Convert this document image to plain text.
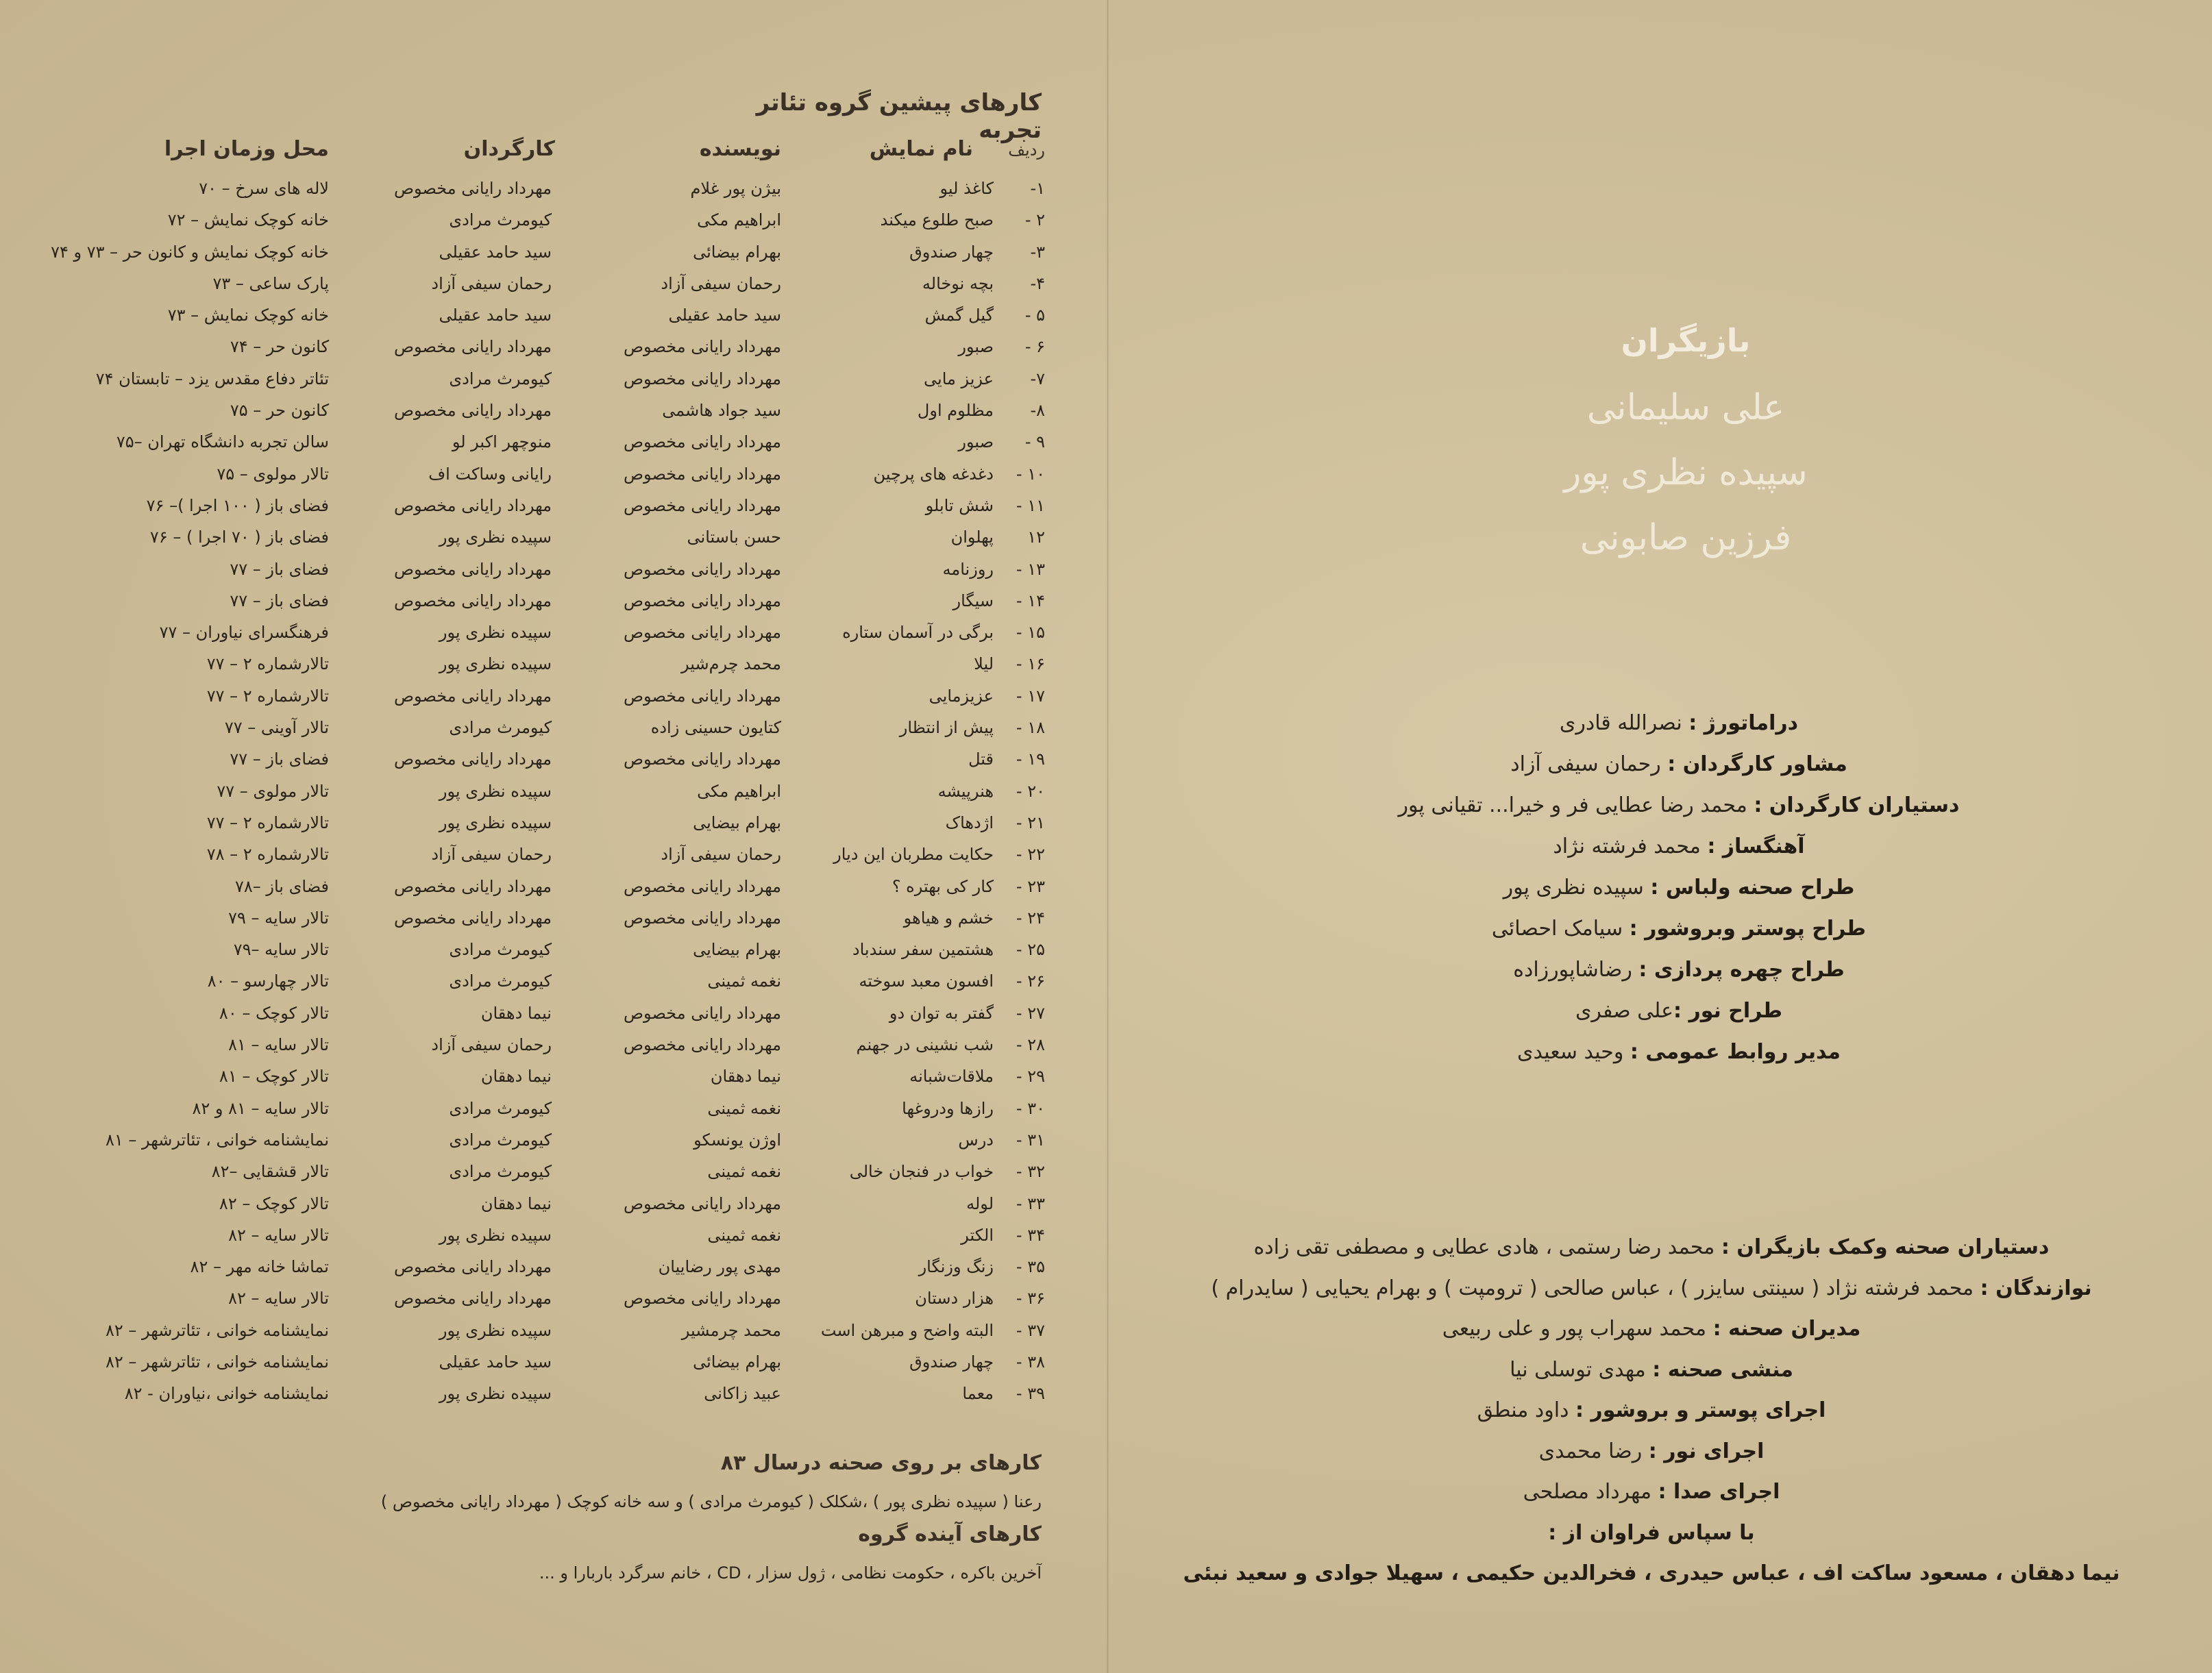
کارهای پیشین گروه تئاتر تجربه
ردیف
نام نمایش
نویسنده
کارگردان
محل وزمان اجرا
۱-
کاغذ لیو
بیژن پور غلام
مهرداد رایانی مخصوص
لاله های سرخ – ۷۰
۲ -
صبح طلوع میکند
ابراهیم مکی
کیومرث مرادی
خانه کوچک نمایش – ۷۲
۳-
چهار صندوق
بهرام بیضائی
سید حامد عقیلی
خانه کوچک نمایش و کانون حر – ۷۳ و ۷۴
۴-
بچه نوخاله
رحمان سیفی آزاد
رحمان سیفی آزاد
پارک ساعی – ۷۳
۵ -
گیل گمش
سید حامد عقیلی
سید حامد عقیلی
خانه کوچک نمایش – ۷۳
۶ -
صبور
مهرداد رایانی مخصوص
مهرداد رایانی مخصوص
کانون حر – ۷۴
۷-
عزیز مایی
مهرداد رایانی مخصوص
کیومرث مرادی
تئاتر دفاع مقدس یزد – تابستان ۷۴
۸-
مظلوم اول
سید جواد هاشمی
مهرداد رایانی مخصوص
کانون حر – ۷۵
۹ -
صبور
مهرداد رایانی مخصوص
منوچهر اکبر لو
سالن تجربه دانشگاه تهران –۷۵
۱۰ -
دغدغه های پرچین
مهرداد رایانی مخصوص
رایانی وساکت اف
تالار مولوی – ۷۵
۱۱ -
شش تابلو
مهرداد رایانی مخصوص
مهرداد رایانی مخصوص
فضای باز ( ۱۰۰ اجرا )– ۷۶
۱۲
پهلوان
حسن باستانی
سپیده نظری پور
فضای باز ( ۷۰ اجرا ) – ۷۶
۱۳ -
روزنامه
مهرداد رایانی مخصوص
مهرداد رایانی مخصوص
فضای باز – ۷۷
۱۴ -
سیگار
مهرداد رایانی مخصوص
مهرداد رایانی مخصوص
فضای باز – ۷۷
۱۵ -
برگی در آسمان ستاره
مهرداد رایانی مخصوص
سپیده نظری پور
فرهنگسرای نیاوران – ۷۷
۱۶ -
لیلا
محمد چرم‌شیر
سپیده نظری پور
تالارشماره ۲ – ۷۷
۱۷ -
عزیزمایی
مهرداد رایانی مخصوص
مهرداد رایانی مخصوص
تالارشماره ۲ – ۷۷
۱۸ -
پیش از انتظار
کتایون حسینی زاده
کیومرث مرادی
تالار آوینی – ۷۷
۱۹ -
قتل
مهرداد رایانی مخصوص
مهرداد رایانی مخصوص
فضای باز – ۷۷
۲۰ -
هنرپیشه
ابراهیم مکی
سپیده نظری پور
تالار مولوی – ۷۷
۲۱ -
اژدهاک
بهرام بیضایی
سپیده نظری پور
تالارشماره ۲ – ۷۷
۲۲ -
حکایت مطربان این دیار
رحمان سیفی آزاد
رحمان سیفی آزاد
تالارشماره ۲ – ۷۸
۲۳ -
کار کی بهتره ؟
مهرداد رایانی مخصوص
مهرداد رایانی مخصوص
فضای باز –۷۸
۲۴ -
خشم و هیاهو
مهرداد رایانی مخصوص
مهرداد رایانی مخصوص
تالار سایه – ۷۹
۲۵ -
هشتمین سفر سندباد
بهرام بیضایی
کیومرث مرادی
تالار سایه –۷۹
۲۶ -
افسون معبد سوخته
نغمه ثمینی
کیومرث مرادی
تالار چهارسو – ۸۰
۲۷ -
گفتر به توان دو
مهرداد رایانی مخصوص
نیما دهقان
تالار کوچک – ۸۰
۲۸ -
شب نشینی در جهنم
مهرداد رایانی مخصوص
رحمان سیفی آزاد
تالار سایه – ۸۱
۲۹ -
ملاقات‌شبانه
نیما دهقان
نیما دهقان
تالار کوچک – ۸۱
۳۰ -
رازها ودروغها
نغمه ثمینی
کیومرث مرادی
تالار سایه – ۸۱ و ۸۲
۳۱ -
درس
اوژن یونسکو
کیومرث مرادی
نمایشنامه خوانی ، تئاترشهر – ۸۱
۳۲ -
خواب در فنجان خالی
نغمه ثمینی
کیومرث مرادی
تالار قشقایی –۸۲
۳۳ -
لوله
مهرداد رایانی مخصوص
نیما دهقان
تالار کوچک – ۸۲
۳۴ -
الکتر
نغمه ثمینی
سپیده نظری پور
تالار سایه – ۸۲
۳۵ -
زنگ وزنگار
مهدی پور رضاییان
مهرداد رایانی مخصوص
تماشا خانه مهر – ۸۲
۳۶ -
هزار دستان
مهرداد رایانی مخصوص
مهرداد رایانی مخصوص
تالار سایه – ۸۲
۳۷ -
البته واضح و مبرهن است
محمد چرمشیر
سپیده نظری پور
نمایشنامه خوانی ، تئاترشهر – ۸۲
۳۸ -
چهار صندوق
بهرام بیضائی
سید حامد عقیلی
نمایشنامه خوانی ، تئاترشهر – ۸۲
۳۹ -
معما
عبید زاکانی
سپیده نظری پور
نمایشنامه خوانی ،نیاوران - ۸۲
کارهای بر روی صحنه درسال ۸۳
رعنا ( سپیده نظری پور ) ،شکلک ( کیومرث مرادی ) و سه خانه کوچک ( مهرداد رایانی مخصوص )
کارهای آینده گروه
آخرین باکره ، حکومت نظامی ، ژول سزار ، CD ، خانم سرگرد باربارا و ...
بازیگران
علی سلیمانی
سپیده نظری پور
فرزین صابونی
دراماتورژ : نصرالله قادری
مشاور کارگردان : رحمان سیفی آزاد
دستیاران کارگردان : محمد رضا عطایی فر و خیرا... تقیانی پور
آهنگساز : محمد فرشته نژاد
طراح صحنه ولباس : سپیده نظری پور
طراح پوستر وبروشور : سیامک احصائی
طراح چهره پردازی : رضاشاپورزاده
طراح نور :علی صفری
مدیر روابط عمومی : وحید سعیدی
دستیاران صحنه وکمک بازیگران : محمد رضا رستمی ، هادی عطایی و مصطفی تقی زاده
نوازندگان : محمد فرشته نژاد ( سینتی سایزر ) ، عباس صالحی ( ترومپت ) و بهرام یحیایی ( سایدرام )
مدیران صحنه : محمد سهراب پور و علی ربیعی
منشی صحنه : مهدی توسلی نیا
اجرای پوستر و بروشور : داود منطق
اجرای نور : رضا محمدی
اجرای صدا : مهرداد مصلحی
با سپاس فراوان از :
نیما دهقان ، مسعود ساکت اف ، عباس حیدری ، فخرالدین حکیمی ، سهیلا جوادی و سعید نبئی
